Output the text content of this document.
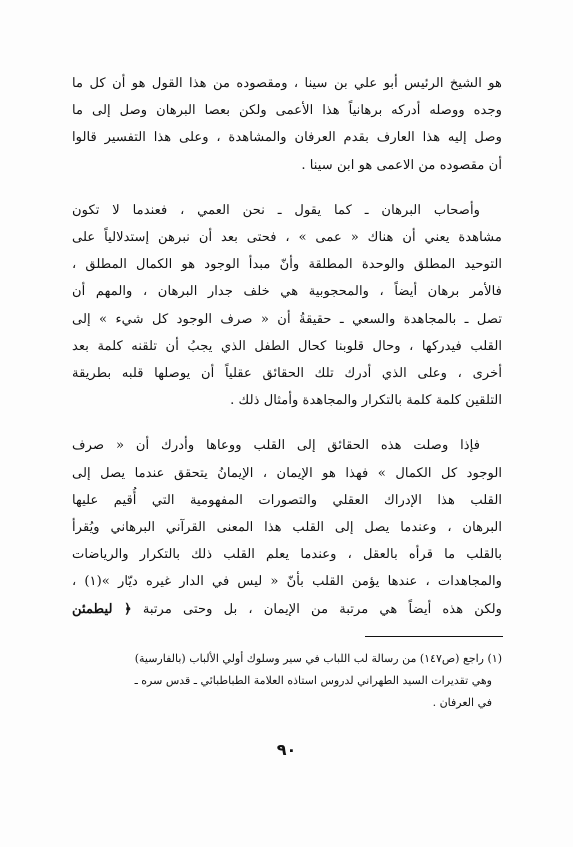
هو الشيخ الرئيس أبو علي بن سينا ، ومقصوده من هذا القول هو أن كل ما
وجده ووصله أدركه برهانياً هذا الأعمى ولكن بعصا البرهان وصل إلى ما
وصل إليه هذا العارف بقدم العرفان والمشاهدة ، وعلى هذا التفسير قالوا
أن مقصوده من الاعمى هو ابن سينا .

وأصحاب البرهان ـ كما يقول ـ نحن العمي ، فعندما لا تكون
مشاهدة يعني أن هناك « عمى » ، فحتى بعد أن نبرهن إستدلالياً على
التوحيد المطلق والوحدة المطلقة وأنّ مبدأ الوجود هو الكمال المطلق ،
فالأمر برهان أيضاً ، والمحجوبية هي خلف جدار البرهان ، والمهم أن
تصل ـ بالمجاهدة والسعي ـ حقيقةُ أن « صرف الوجود كل شيء » إلى
القلب فيدركها ، وحال قلوبنا كحال الطفل الذي يجبُ أن تلقنه كلمة بعد
أخرى ، وعلى الذي أدرك تلك الحقائق عقلياً أن يوصلها قلبه بطريقة
التلقين كلمة كلمة بالتكرار والمجاهدة وأمثال ذلك .

فإذا وصلت هذه الحقائق إلى القلب ووعاها وأدرك أن « صرف
الوجود كل الكمال » فهذا هو الإيمان ، الإيمانُ يتحقق عندما يصل إلى
القلب هذا الإدراك العقلي والتصورات المفهومية التي أُقيم عليها
البرهان ، وعندما يصل إلى القلب هذا المعنى القرآني البرهاني ويُقرأ
بالقلب ما قرأه بالعقل ، وعندما يعلم القلب ذلك بالتكرار والرياضات
والمجاهدات ، عندها يؤمن القلب بأنّ « ليس في الدار غيره ديّار »(١) ،
ولكن هذه أيضاً هي مرتبة من الإيمان ، بل وحتى مرتبة ﴿ ليطمئن

(١) راجع (ص١٤٧) من رسالة لب اللباب في سير وسلوك أولي الألباب (بالفارسية)
وهي تقديرات السيد الطهراني لدروس استاذه العلامة الطباطبائي ـ قدس سره ـ
في العرفان .
٩٠
